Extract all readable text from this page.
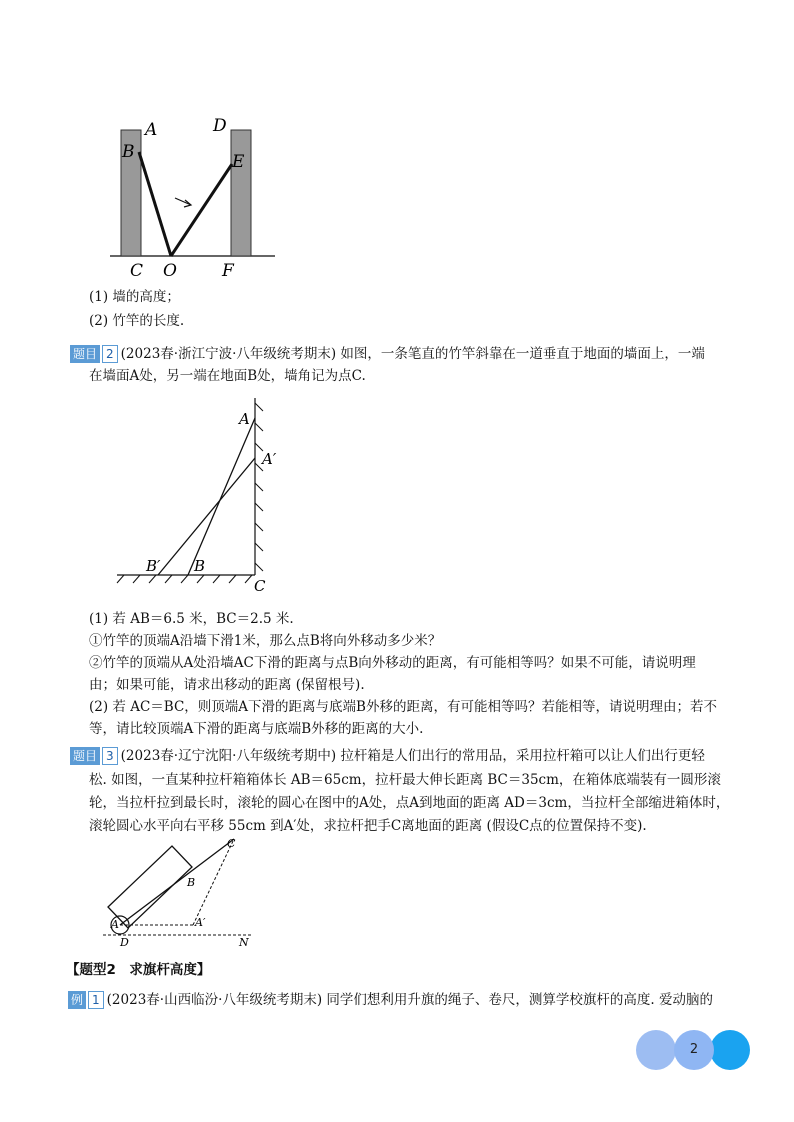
A
B
D
E
C O	F
(1) 墙的高度；
(2) 竹竿的长度.
题目 2 (2023春·浙江宁波·八年级统考期末) 如图，一条笔直的竹竿斜靠在一道垂直于地面的墙面上，一端
在墙面A处，另一端在地面B处，墙角记为点C.
A
A′
B′ B
C
(1) 若 AB＝6.5 米，BC＝2.5 米.
①竹竿的顶端A沿墙下滑1米，那么点B将向外移动多少米？
②竹竿的顶端从A处沿墙AC下滑的距离与点B向外移动的距离，有可能相等吗？如果不可能，请说明理
由；如果可能，请求出移动的距离 (保留根号).
(2) 若 AC＝BC，则顶端A下滑的距离与底端B外移的距离，有可能相等吗？若能相等，请说明理由；若不
等，请比较顶端A下滑的距离与底端B外移的距离的大小.
题目 3 (2023春·辽宁沈阳·八年级统考期中) 拉杆箱是人们出行的常用品，采用拉杆箱可以让人们出行更轻
松. 如图，一直某种拉杆箱箱体长 AB＝65cm，拉杆最大伸长距离 BC＝35cm，在箱体底端装有一圆形滚
轮，当拉杆拉到最长时，滚轮的圆心在图中的A处，点A到地面的距离 AD＝3cm，当拉杆全部缩进箱体时，
滚轮圆心水平向右平移 55cm 到A′处，求拉杆把手C离地面的距离 (假设C点的位置保持不变).
C
B
A	A′
D	N
【题型2　求旗杆高度】
例 1 (2023春·山西临汾·八年级统考期末) 同学们想利用升旗的绳子、卷尺，测算学校旗杆的高度. 爱动脑的
2
